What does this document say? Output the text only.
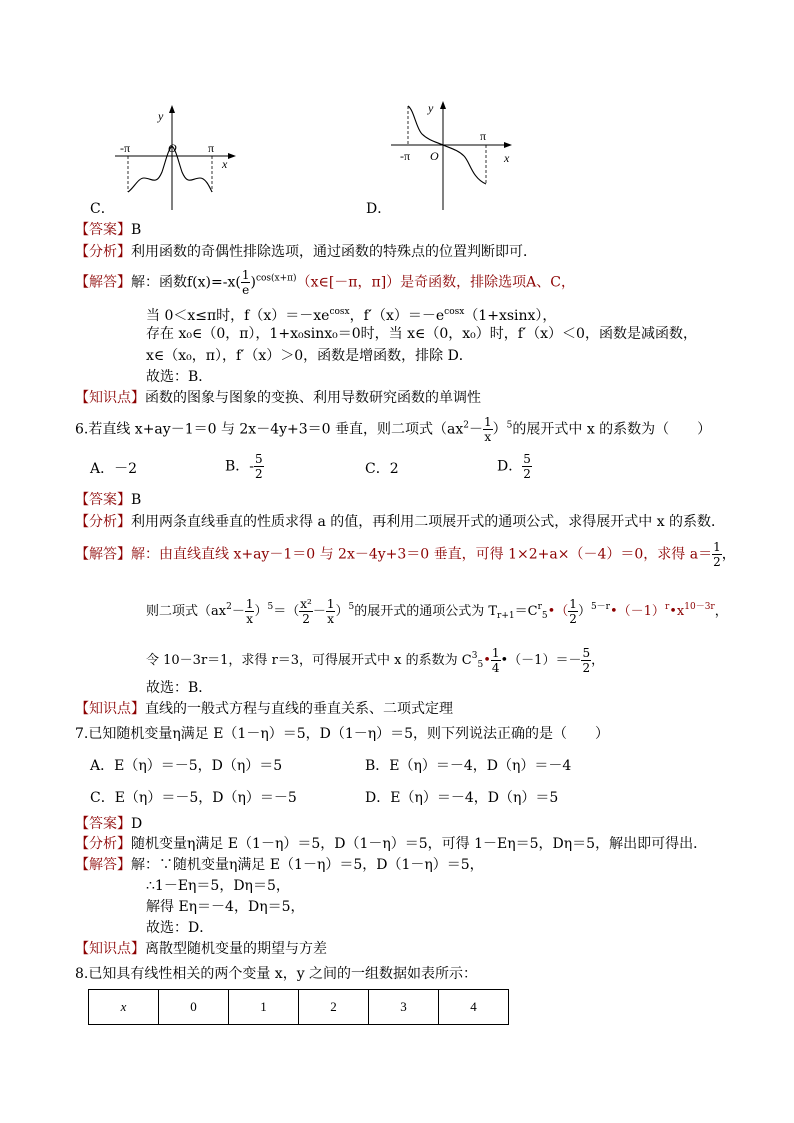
y
-π	O	π
x
C．
y
-π O
π
x
D．
【答案】B
【分析】利用函数的奇偶性排除选项，通过函数的特殊点的位置判断即可．
【解答】解：函数$f(x)=-x( \frac{1}{e}$ )$^{cos(x+\pi)}(x\in[-\pi$，π]）是奇函数，排除选项A、C，
当 0＜x≤π时，$f(x)=-xe^{cosx}$，$f'(x)=-e^{cosx}(1+xsinx)$，
存在 x₀∈（0，π），1+x₀sinx₀＝0时，当 x∈（0，x₀）时，f′（x）＜0，函数是减函数，
x∈（x₀，π），f′（x）＞0，函数是增函数，排除 D．
故选：B．
【知识点】函数的图象与图象的变换、利用导数研究函数的单调性
6.若直线 x+ay－1＝0 与 2x－4y+3＝0 垂直，则二项式$(ax^2- \frac{1}{x} )^5$的展开式中 x 的系数为（　　）
A．－2	B．- $\frac{5}{2}$	C．2	D． $\frac{5}{2}$
【答案】B
【分析】利用两条直线垂直的性质求得 a 的值，再利用二项展开式的通项公式，求得展开式中 x 的系数．
【解答】解：由直线直线 x+ay－1＝0 与 2x－4y+3＝0 垂直，可得 1×2+a×（－4）＝0，求得 $a= \frac{1}{2}$ ，
则二项式$(ax^2- \frac{1}{x} )^5=( \frac{\text{x²}}{2} - \frac{1}{x} )^5$的展开式的通项公式为 $T_{r+1}=C^r_5•( \frac{1}{2}$ ）$^{5-r}•(-1)^r•x^{10-3r}$，
令 10－3r＝1，求得 r＝3，可得展开式中 x 的系数为 $C^3_5• \frac{1}{4}$ •（－1）＝－ $\frac{5}{2}$ ，
故选：B．
【知识点】直线的一般式方程与直线的垂直关系、二项式定理
7.已知随机变量η满足 E（1－η）＝5，D（1－η）＝5，则下列说法正确的是（　　）
A．E（η）＝－5，D（η）＝5	B．E（η）＝－4，D（η）＝－4
C．E（η）＝－5，D（η）＝－5	D．E（η）＝－4，D（η）＝5
【答案】D
【分析】随机变量η满足 E（1－η）＝5，D（1－η）＝5，可得 1－Eη＝5，Dη＝5，解出即可得出．
【解答】解：∵随机变量η满足 E（1－η）＝5，D（1－η）＝5，
∴1－Eη＝5，Dη＝5，
解得 Eη＝－4，Dη＝5，
故选：D．
【知识点】离散型随机变量的期望与方差
8.已知具有线性相关的两个变量 x，y 之间的一组数据如表所示：
x	0	1	2	3	4
